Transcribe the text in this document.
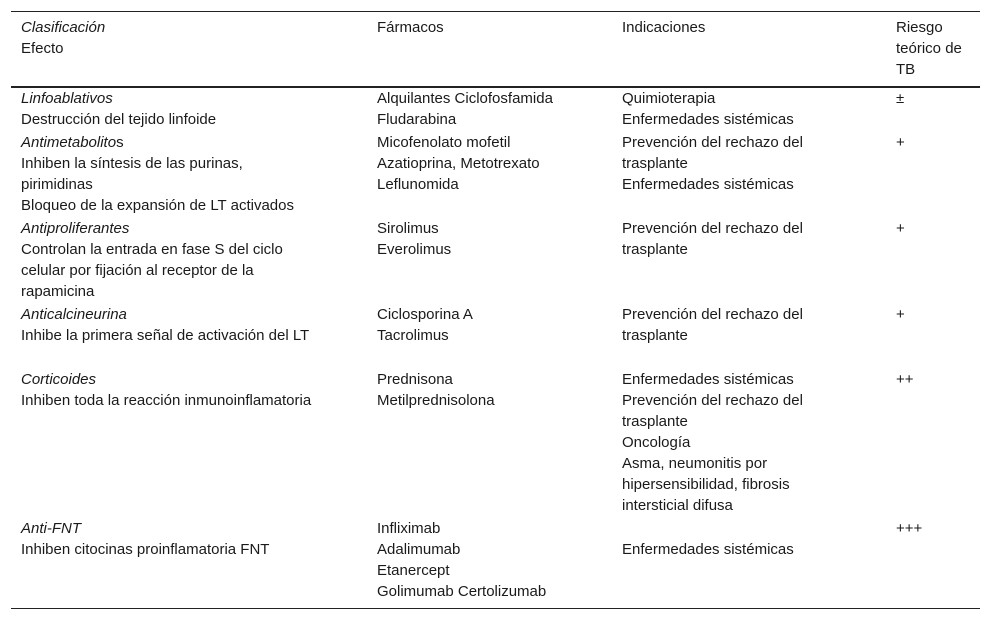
Clasificación
Efecto
Fármacos	Indicaciones	Riesgo
teórico de
TB
Linfoablativos
Destrucción del tejido linfoide
Alquilantes Ciclofosfamida
Fludarabina
Quimioterapia
Enfermedades sistémicas
±
Antimetabolitos
Inhiben la síntesis de las purinas,
pirimidinas
Bloqueo de la expansión de LT activados
Micofenolato mofetil
Azatioprina, Metotrexato
Leflunomida
Prevención del rechazo del
trasplante
Enfermedades sistémicas
+
Antiproliferantes
Controlan la entrada en fase S del ciclo
celular por fijación al receptor de la
rapamicina
Sirolimus
Everolimus
Prevención del rechazo del
trasplante
+
Anticalcineurina
Inhibe la primera señal de activación del LT
Ciclosporina A
Tacrolimus
Prevención del rechazo del
trasplante
+
Corticoides
Inhiben toda la reacción inmunoinflamatoria
Prednisona
Metilprednisolona
Enfermedades sistémicas
Prevención del rechazo del
trasplante
Oncología
Asma, neumonitis por
hipersensibilidad, fibrosis
intersticial difusa
++
Anti-FNT
Inhiben citocinas proinflamatoria FNT
Infliximab
Adalimumab
Etanercept
Golimumab Certolizumab
Enfermedades sistémicas
+++
